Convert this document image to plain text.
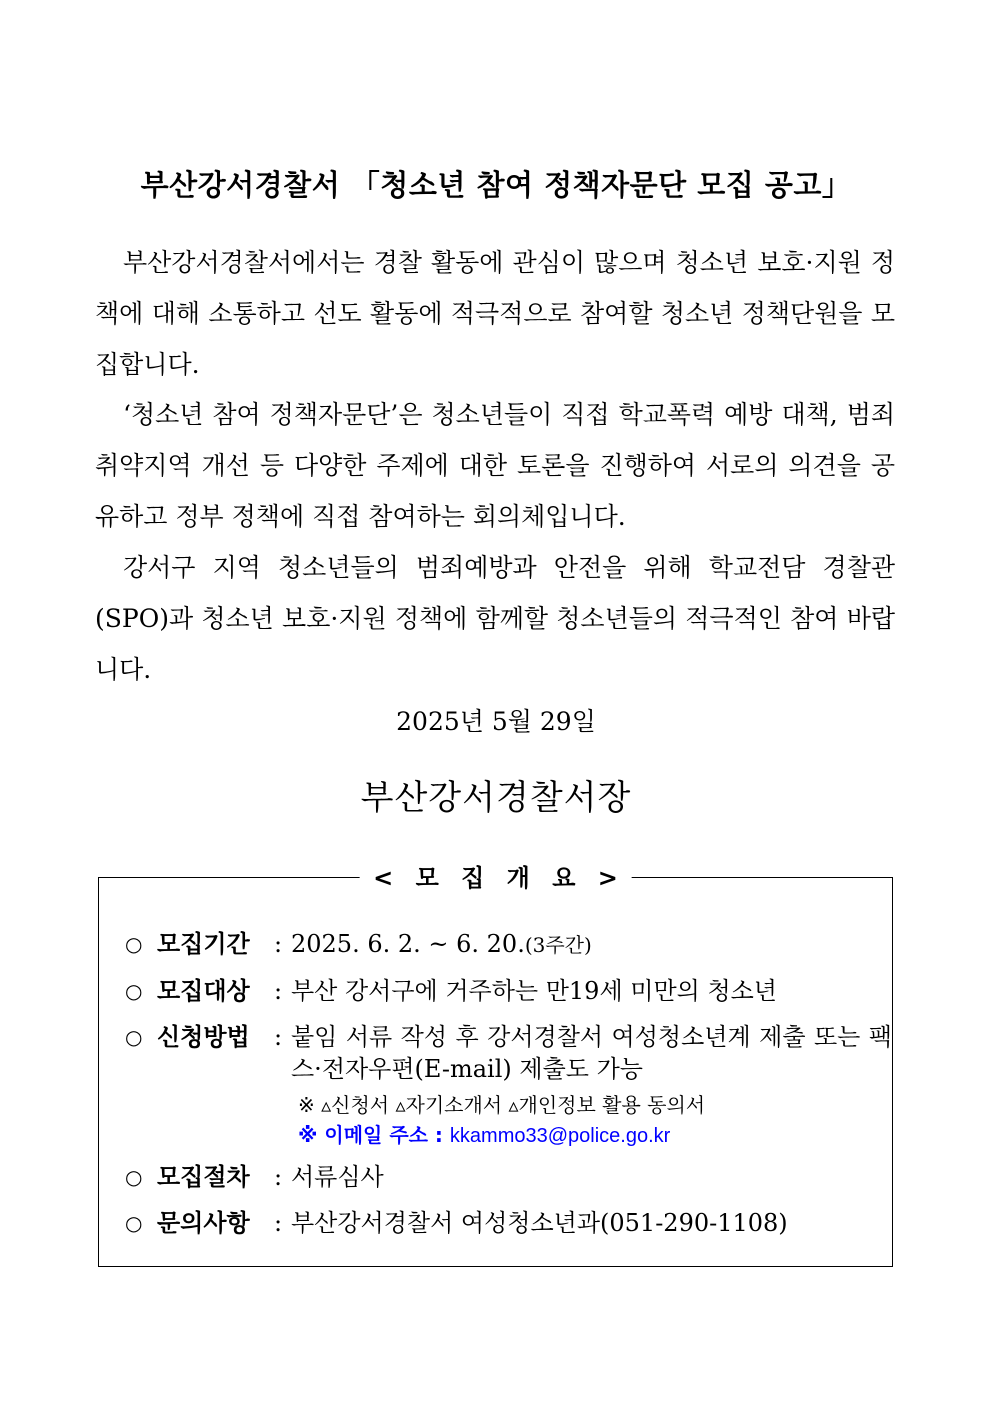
부산강서경찰서 「청소년 참여 정책자문단 모집 공고」

부산강서경찰서에서는 경찰 활동에 관심이 많으며 청소년 보호·지원 정책에 대해 소통하고 선도 활동에 적극적으로 참여할 청소년 정책단원을 모집합니다.

‘청소년 참여 정책자문단’은 청소년들이 직접 학교폭력 예방 대책, 범죄취약지역 개선 등 다양한 주제에 대한 토론을 진행하여 서로의 의견을 공유하고 정부 정책에 직접 참여하는 회의체입니다.

강서구 지역 청소년들의 범죄예방과 안전을 위해 학교전담 경찰관(SPO)과 청소년 보호·지원 정책에 함께할 청소년들의 적극적인 참여 바랍니다.

2025년 5월 29일
부산강서경찰서장
< 모 집 개 요 >
○ 모집기간	: 2025. 6. 2. ~ 6. 20.(3주간)
○ 모집대상	: 부산 강서구에 거주하는 만19세 미만의 청소년
○ 신청방법	: 붙임 서류 작성 후 강서경찰서 여성청소년계 제출 또는 팩스·전자우편(E-mail) 제출도 가능
※ ▵신청서 ▵자기소개서 ▵개인정보 활용 동의서
※ 이메일 주소 : kkammo33@police.go.kr
○ 모집절차	: 서류심사
○ 문의사항	: 부산강서경찰서 여성청소년과(051-290-1108)
